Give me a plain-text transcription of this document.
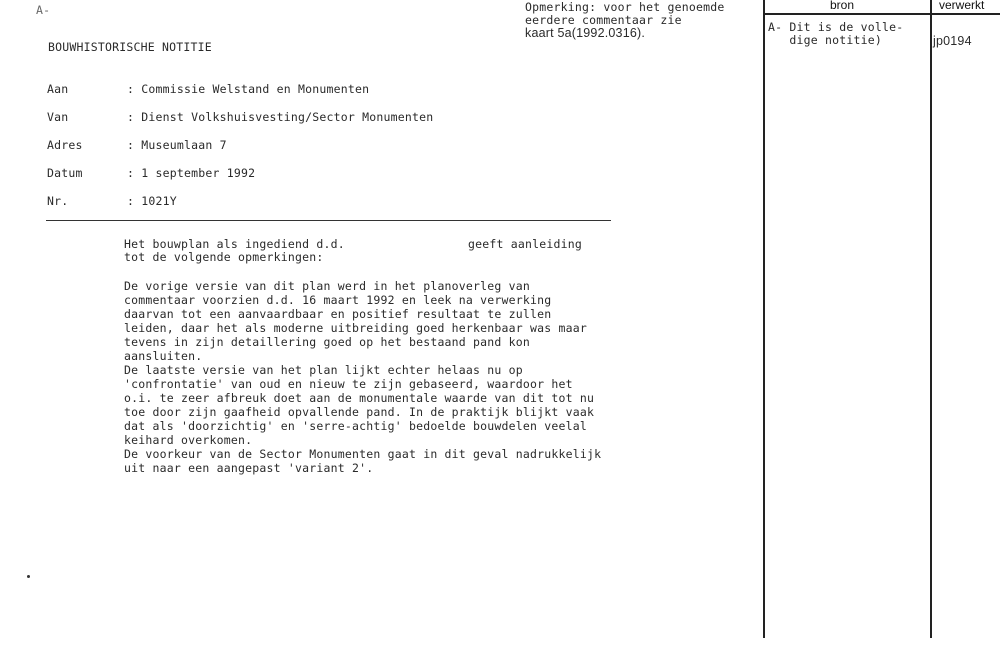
A-	Opmerking: voor het genoemde
eerdere commentaar zie
kaart 5a(1992.0316).
BOUWHISTORISCHE NOTITIE
Aan	: Commissie Welstand en Monumenten
Van	: Dienst Volkshuisvesting/Sector Monumenten
Adres	: Museumlaan 7
Datum	: 1 september 1992
Nr.	: 1021Y
Het bouwplan als ingediend d.d.	geeft aanleiding
tot de volgende opmerkingen:
De vorige versie van dit plan werd in het planoverleg van
commentaar voorzien d.d. 16 maart 1992 en leek na verwerking
daarvan tot een aanvaardbaar en positief resultaat te zullen
leiden, daar het als moderne uitbreiding goed herkenbaar was maar
tevens in zijn detaillering goed op het bestaand pand kon
aansluiten.
De laatste versie van het plan lijkt echter helaas nu op
'confrontatie' van oud en nieuw te zijn gebaseerd, waardoor het
o.i. te zeer afbreuk doet aan de monumentale waarde van dit tot nu
toe door zijn gaafheid opvallende pand. In de praktijk blijkt vaak
dat als 'doorzichtig' en 'serre-achtig' bedoelde bouwdelen veelal
keihard overkomen.
De voorkeur van de Sector Monumenten gaat in dit geval nadrukkelijk
uit naar een aangepast 'variant 2'.
bron	verwerkt
A- Dit is de volle-
dige notitie)	jp0194
